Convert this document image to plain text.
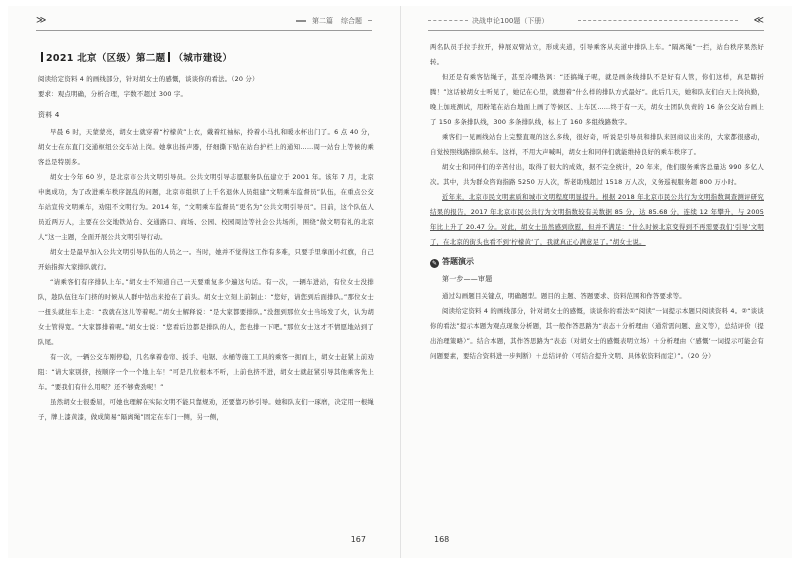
≫	第二篇 综合题
2021 北京（区级）第二题 （城市建设）

阅读给定资料 4 的画线部分，针对胡女士的感慨，谈谈你的看法。（20 分）

要求：观点明确，分析合理，字数不超过 300 字。

资料 4

早晨 6 时，天蒙蒙亮，胡女士就穿着“柠檬黄”上衣，戴着红袖标，拎着小马扎和暖水杯出门了。6 点 40 分，胡女士在东直门交通枢纽公交车站上岗。她拿出扬声器，仔细撕下贴在站台护栏上的通知……周一站台上等候的乘客总是特别多。

胡女士今年 60 岁，是北京市公共文明引导员。公共文明引导志愿服务队伍建立于 2001 年。该年 7 月，北京申奥成功，为了改进乘车秩序混乱的问题，北京市组织了上千名退休人员组建“文明乘车监督员”队伍，在重点公交车站宣传文明乘车，劝阻不文明行为。2014 年，“文明乘车监督员”更名为“公共文明引导员”。目前，这个队伍人员近两万人，主要在公交地铁站台、交通路口、商场、公园、校园周边等社会公共场所，围绕“做文明有礼的北京人”这一主题，全面开展公共文明引导行动。

胡女士是最早加入公共文明引导队伍的人员之一。当时，她并不觉得这工作有多难，只要手里拿面小红旗，自己开始指挥大家排队就行。

“请乘客们有序排队上车。”胡女士不知道自己一天要重复多少遍这句话。有一次，一辆车进站，有位女士没排队，趁队伍往车门挤的时候从人群中钻出来抢在了前头。胡女士立刻上前制止：“您好，请您到后面排队。”那位女士一扭头就往车上走：“我就在这儿等着呢。”胡女士解释说：“是大家都要排队。”没想到那位女士当场发了火，认为胡女士管得宽。“大家都排着呢。”胡女士说：“您看后边都是排队的人，您也排一下吧。”那位女士这才不情愿地站到了队尾。

有一次，一辆公交车刚停稳，几名拿着卷帘、扳手、电锯、水桶等施工工具的乘客一拥而上，胡女士赶紧上前劝阻：“请大家别挤，按顺序一个一个地上车！”可是几位根本不听，上前也挤不进，胡女士就赶紧引导其他乘客先上车。“要我们有什么用呢？还不够费劲呢！”

虽然胡女士很委屈，可她也理解在实际文明不能只靠规劝，还要靠巧妙引导。她和队友们一琢磨，决定用一根绳子，牌上漆黄漆，做成简易“隔离绳”固定在车门一侧，另一侧，

167
决战申论100题（下册）	≪

两名队员手拉手拉开，伸展双臂站立，形成夹道，引导乘客从夹道中排队上车。“隔离绳”一拦，站台秩序果然好转。

但还是有乘客钻绳子，甚至冷嘲热讽：“还搞绳子呢，就是画条线排队不是好有人管，你们这样，真是瞎折腾！”这话被胡女士听见了，她记在心里，就想着“什么样的排队方式最好”。此后几天，她和队友们白天上岗执勤，晚上加班测试，用粉笔在站台地面上画了等候区、上车区……终于有一天，胡女士团队负责的 16 条公交站台画上了 150 多条排队线，300 多条排队线，标上了 160 多组线路数字。

乘客们一见画线站台上完整直观的这么多线，很好奇，听说是引导员和排队来回商议出来的，大家都很感动，自觉按照线路排队候车。这样，不用大声喊叫，胡女士和同伴们就能维持良好的乘车秩序了。

胡女士和同伴们的辛苦付出，取得了很大的成效，据不完全统计，20 年来，他们服务乘客总量达 990 多亿人次。其中，共为群众咨询指路 5250 万人次，帮老助残超过 1518 万人次，义务巡视服务超 800 万小时。

近年来，北京市民文明素质和城市文明程度明显提升。根据 2018 年北京市民公共行为文明指数调查测评研究结果的报告，2017 年北京市民公共行为文明指数较有关数据 85 分，达 85.68 分，连续 12 年攀升，与 2005 年比上升了 20.47 分。对此，胡女士虽然感到欣慰，但并不满足：“什么时候北京变得到不再需要我们‘引导’文明了，在北京的街头也看不到‘柠檬黄’了，我就真正心满意足了。”胡女士说。

✎ 答题演示

第一步——审题

通过勾画题目关键点，明确题型。题目的主题、答题要求、资料范围和作答要求等。

阅读给定资料 4 的画线部分，针对胡女士的感慨，谈谈你的看法①“阅读”一词提示本题只阅读资料 4。②“谈谈你的看法”提示本题为观点现象分析题，其一般作答思路为“表态＋分析理由（通常需问题、意义等），总结评价（提出治理策略）”。结合本题，其作答思路为“表态（对胡女士的感慨表明立场）＋分析理由（‘感慨’一词提示可能会有问题要素，要结合资料进一步判断）＋总结评价（可结合提升文明、具体依资料而定）”。（20 分）

168
